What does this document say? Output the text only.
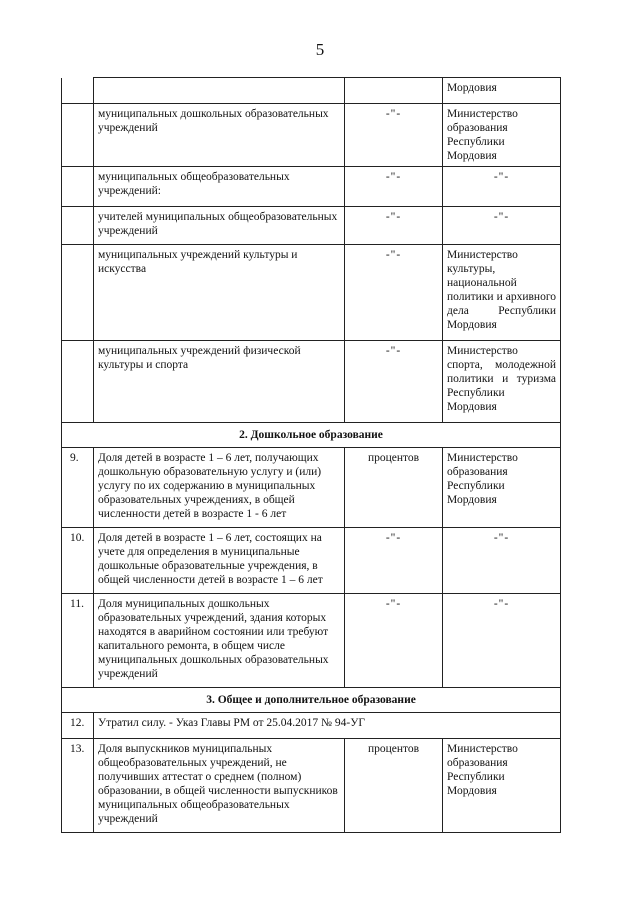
5
			Мордовия
	муниципальных дошкольных образовательных учреждений	-"-	Министерство образования Республики Мордовия
	муниципальных общеобразовательных учреждений:	-"-	-"-
	учителей муниципальных общеобразовательных учреждений	-"-	-"-
	муниципальных учреждений культуры и искусства	-"-	Министерство культуры, национальной политики и архивного дела Республики Мордовия
	муниципальных учреждений физической культуры и спорта	-"-	Министерство спорта, молодежной политики и туризма Республики Мордовия
2. Дошкольное образование			
9.	Доля детей в возрасте 1 – 6 лет, получающих дошкольную образовательную услугу и (или) услугу по их содержанию в муниципальных образовательных учреждениях, в общей численности детей в возрасте 1 - 6 лет	процентов	Министерство образования Республики Мордовия
10.	Доля детей в возрасте 1 – 6 лет, состоящих на учете для определения в муниципальные дошкольные образовательные учреждения, в общей численности детей в возрасте 1 – 6 лет	-"-	-"-
11.	Доля муниципальных дошкольных образовательных учреждений, здания которых находятся в аварийном состоянии или требуют капитального ремонта, в общем числе муниципальных дошкольных образовательных учреждений	-"-	-"-
3. Общее и дополнительное образование			
12.	Утратил силу. - Указ Главы РМ от 25.04.2017 № 94-УГ		
13.	Доля выпускников муниципальных общеобразовательных учреждений, не получивших аттестат о среднем (полном) образовании, в общей численности выпускников муниципальных общеобразовательных учреждений	процентов	Министерство образования Республики Мордовия
